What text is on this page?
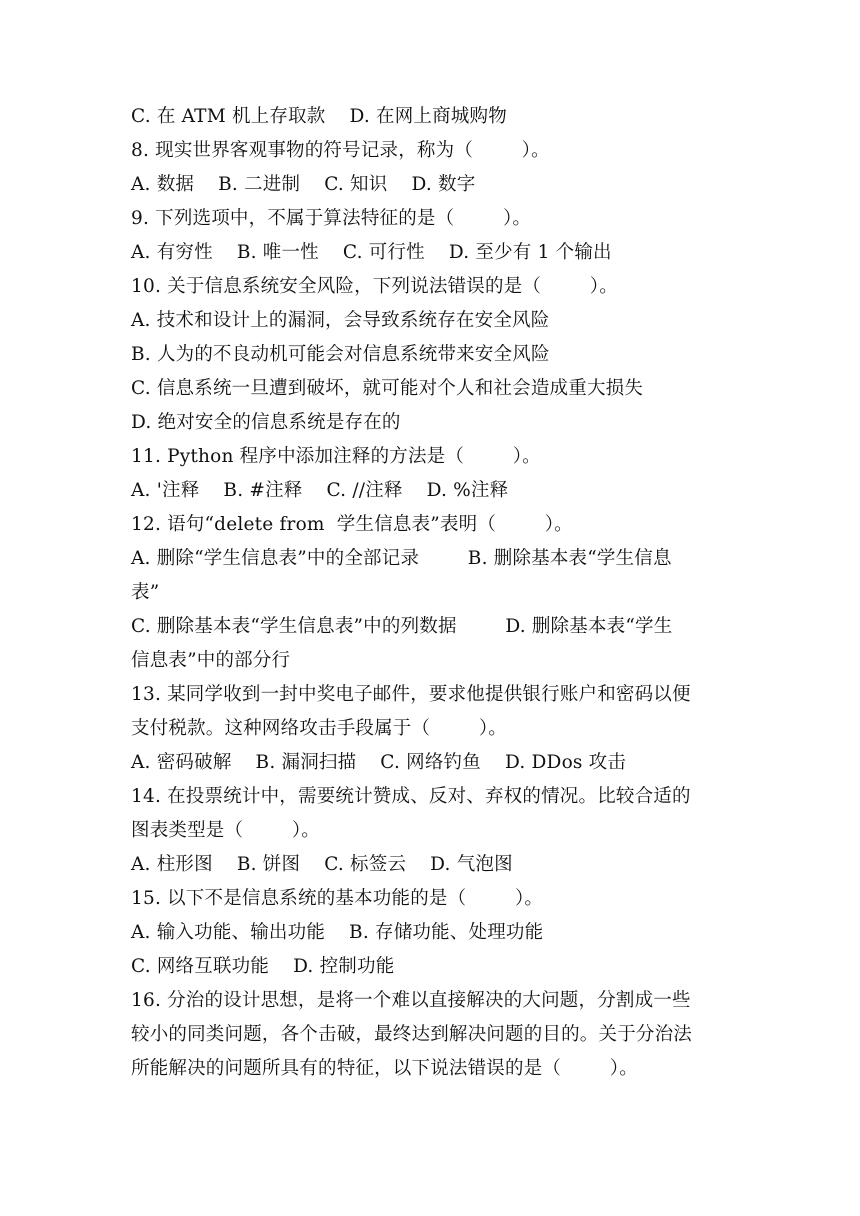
C. 在 ATM 机上存取款 D. 在网上商城购物
8. 现实世界客观事物的符号记录，称为（        ）。
A. 数据 B. 二进制 C. 知识 D. 数字
9. 下列选项中，不属于算法特征的是（        ）。
A. 有穷性 B. 唯一性 C. 可行性 D. 至少有 1 个输出
10. 关于信息系统安全风险，下列说法错误的是（        ）。
A. 技术和设计上的漏洞，会导致系统存在安全风险
B. 人为的不良动机可能会对信息系统带来安全风险
C. 信息系统一旦遭到破坏，就可能对个人和社会造成重大损失
D. 绝对安全的信息系统是存在的
11. Python 程序中添加注释的方法是（        ）。
A. '注释 B. #注释 C. //注释 D. %注释
12. 语句“delete from  学生信息表”表明（        ）。
A. 删除“学生信息表”中的全部记录        B. 删除基本表“学生信息
表”
C. 删除基本表“学生信息表”中的列数据        D. 删除基本表“学生
信息表”中的部分行
13. 某同学收到一封中奖电子邮件，要求他提供银行账户和密码以便
支付税款。这种网络攻击手段属于（        ）。
A. 密码破解 B. 漏洞扫描 C. 网络钓鱼 D. DDos 攻击
14. 在投票统计中，需要统计赞成、反对、弃权的情况。比较合适的
图表类型是（        ）。
A. 柱形图 B. 饼图 C. 标签云 D. 气泡图
15. 以下不是信息系统的基本功能的是（        ）。
A. 输入功能、输出功能 B. 存储功能、处理功能
C. 网络互联功能 D. 控制功能
16. 分治的设计思想，是将一个难以直接解决的大问题，分割成一些
较小的同类问题，各个击破，最终达到解决问题的目的。关于分治法
所能解决的问题所具有的特征，以下说法错误的是（        ）。
